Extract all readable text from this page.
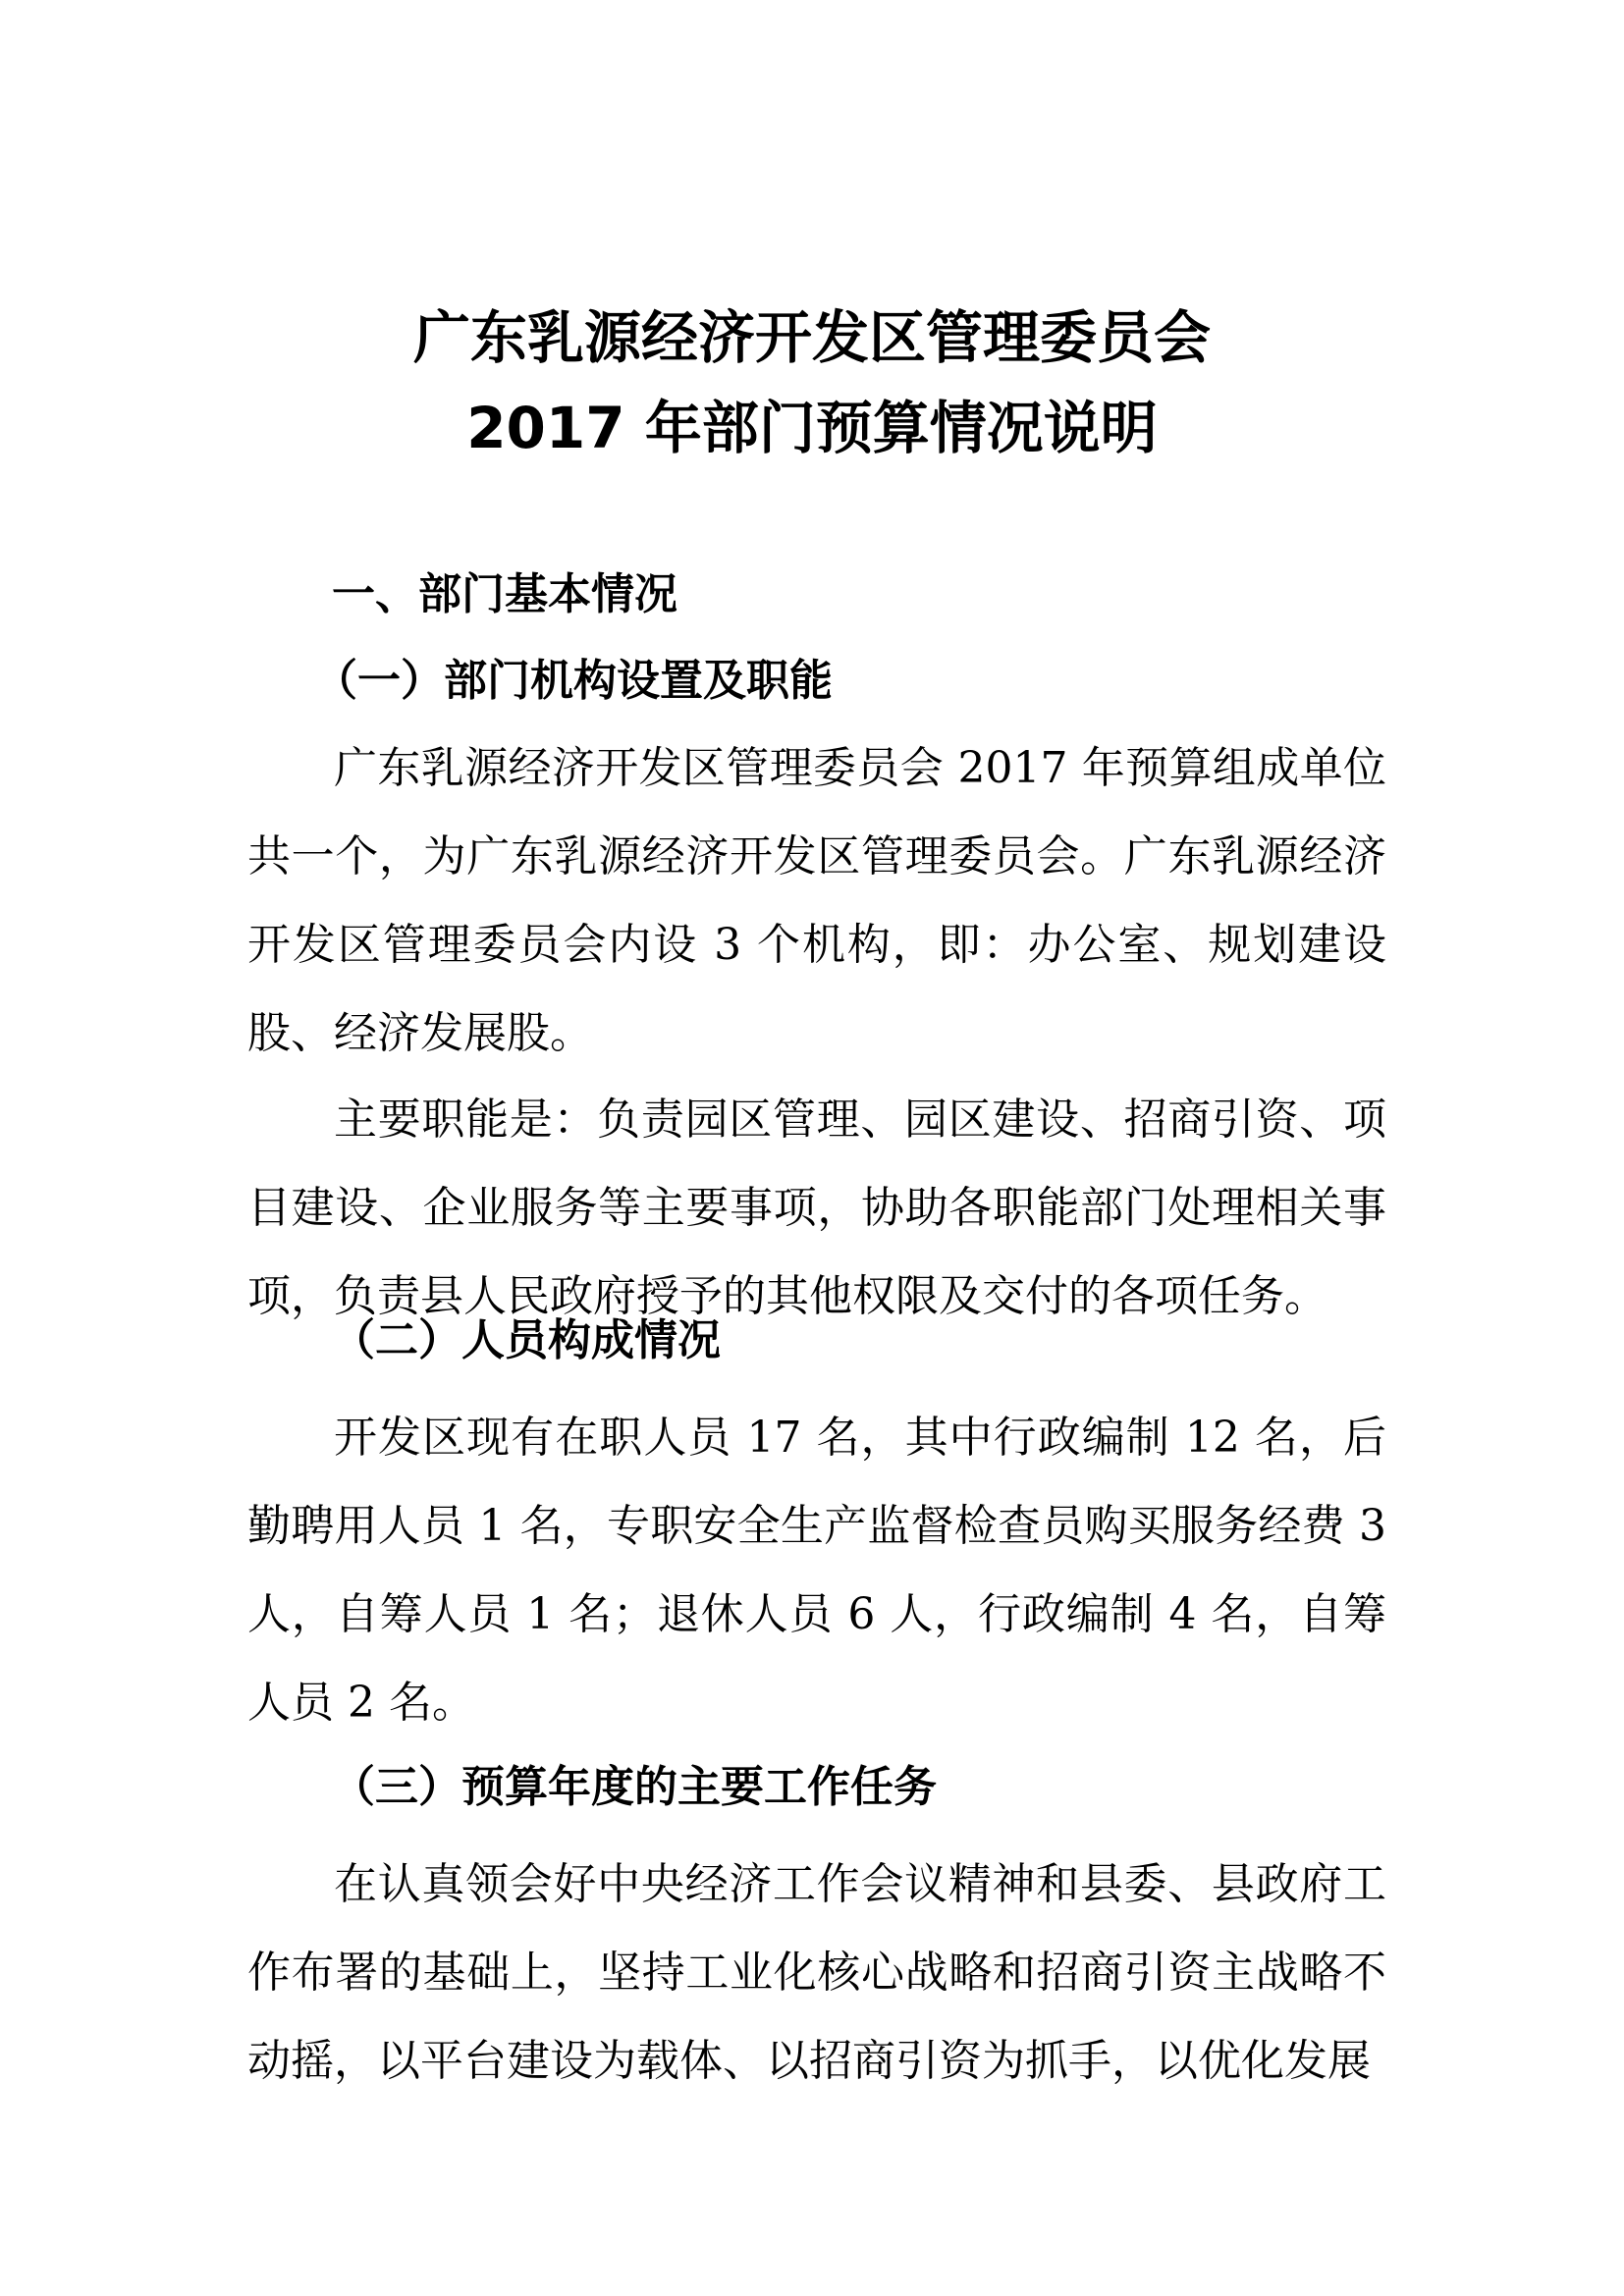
广东乳源经济开发区管理委员会
2017 年部门预算情况说明
一、部门基本情况
（一）部门机构设置及职能
广东乳源经济开发区管理委员会 2017 年预算组成单位共一个，为广东乳源经济开发区管理委员会。广东乳源经济开发区管理委员会内设 3 个机构，即：办公室、规划建设股、经济发展股。
主要职能是：负责园区管理、园区建设、招商引资、项目建设、企业服务等主要事项，协助各职能部门处理相关事项，负责县人民政府授予的其他权限及交付的各项任务。
（二）人员构成情况
开发区现有在职人员 17 名，其中行政编制 12 名，后勤聘用人员 1 名，专职安全生产监督检查员购买服务经费 3 人，自筹人员 1 名；退休人员 6 人，行政编制 4 名，自筹人员 2 名。
（三）预算年度的主要工作任务
在认真领会好中央经济工作会议精神和县委、县政府工作布署的基础上，坚持工业化核心战略和招商引资主战略不动摇，以平台建设为载体、以招商引资为抓手，以优化发展
